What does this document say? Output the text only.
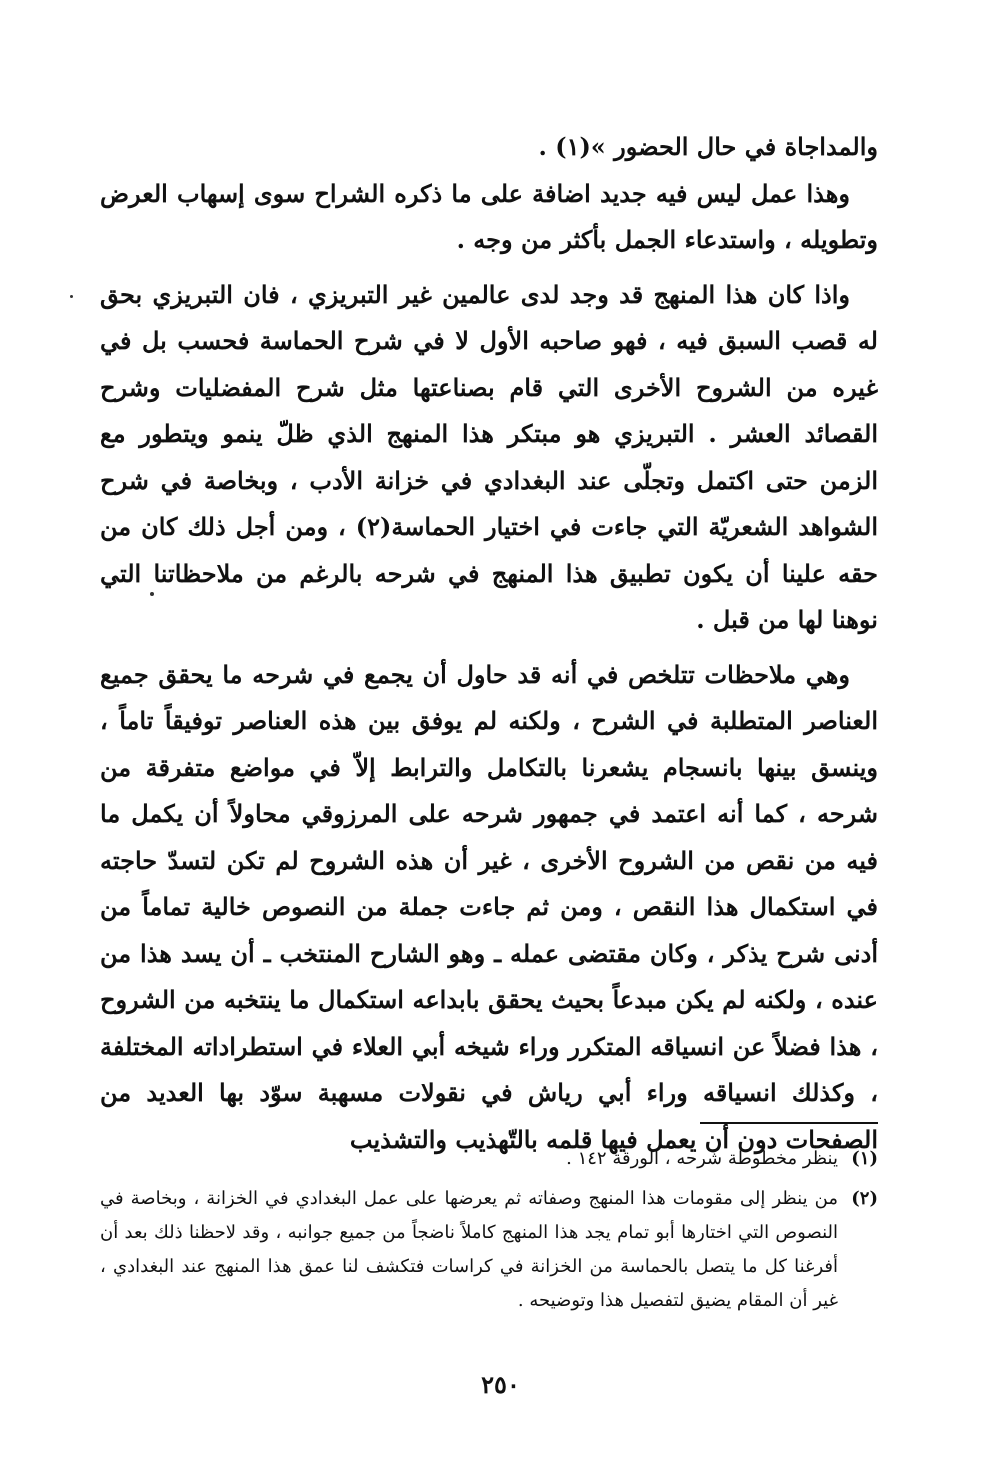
والمداجاة في حال الحضور »(١) .

وهذا عمل ليس فيه جديد اضافة على ما ذكره الشراح سوى إسهاب العرض وتطويله ، واستدعاء الجمل بأكثر من وجه .

واذا كان هذا المنهج قد وجد لدى عالمين غير التبريزي ، فان التبريزي بحق له قصب السبق فيه ، فهو صاحبه الأول لا في شرح الحماسة فحسب بل في غيره من الشروح الأخرى التي قام بصناعتها مثل شرح المفضليات وشرح القصائد العشر . التبريزي هو مبتكر هذا المنهج الذي ظلّ ينمو ويتطور مع الزمن حتى اكتمل وتجلّى عند البغدادي في خزانة الأدب ، وبخاصة في شرح الشواهد الشعريّة التي جاءت في اختيار الحماسة(٢) ، ومن أجل ذلك كان من حقه علينا أن يكون تطبيق هذا المنهج في شرحه بالرغم من ملاحظاتنا التي نوهنا لها من قبل .

وهي ملاحظات تتلخص في أنه قد حاول أن يجمع في شرحه ما يحقق جميع العناصر المتطلبة في الشرح ، ولكنه لم يوفق بين هذه العناصر توفيقاً تاماً ، وينسق بينها بانسجام يشعرنا بالتكامل والترابط إلاّ في مواضع متفرقة من شرحه ، كما أنه اعتمد في جمهور شرحه على المرزوقي محاولاً أن يكمل ما فيه من نقص من الشروح الأخرى ، غير أن هذه الشروح لم تكن لتسدّ حاجته في استكمال هذا النقص ، ومن ثم جاءت جملة من النصوص خالية تماماً من أدنى شرح يذكر ، وكان مقتضى عمله ـ وهو الشارح المنتخب ـ أن يسد هذا من عنده ، ولكنه لم يكن مبدعاً بحيث يحقق بابداعه استكمال ما ينتخبه من الشروح ، هذا فضلاً عن انسياقه المتكرر وراء شيخه أبي العلاء في استطراداته المختلفة ، وكذلك انسياقه وراء أبي رياش في نقولات مسهبة سوّد بها العديد من الصفحات دون أن يعمل فيها قلمه بالتّهذيب والتشذيب

(١)

ينظر مخطوطة شرحه ، الورقة ١٤٢ .

(٢)

من ينظر إلى مقومات هذا المنهج وصفاته ثم يعرضها على عمل البغدادي في الخزانة ، وبخاصة في النصوص التي اختارها أبو تمام يجد هذا المنهج كاملاً ناضجاً من جميع جوانبه ، وقد لاحظنا ذلك بعد أن أفرغنا كل ما يتصل بالحماسة من الخزانة في كراسات فتكشف لنا عمق هذا المنهج عند البغدادي ، غير أن المقام يضيق لتفصيل هذا وتوضيحه .

٢٥٠
